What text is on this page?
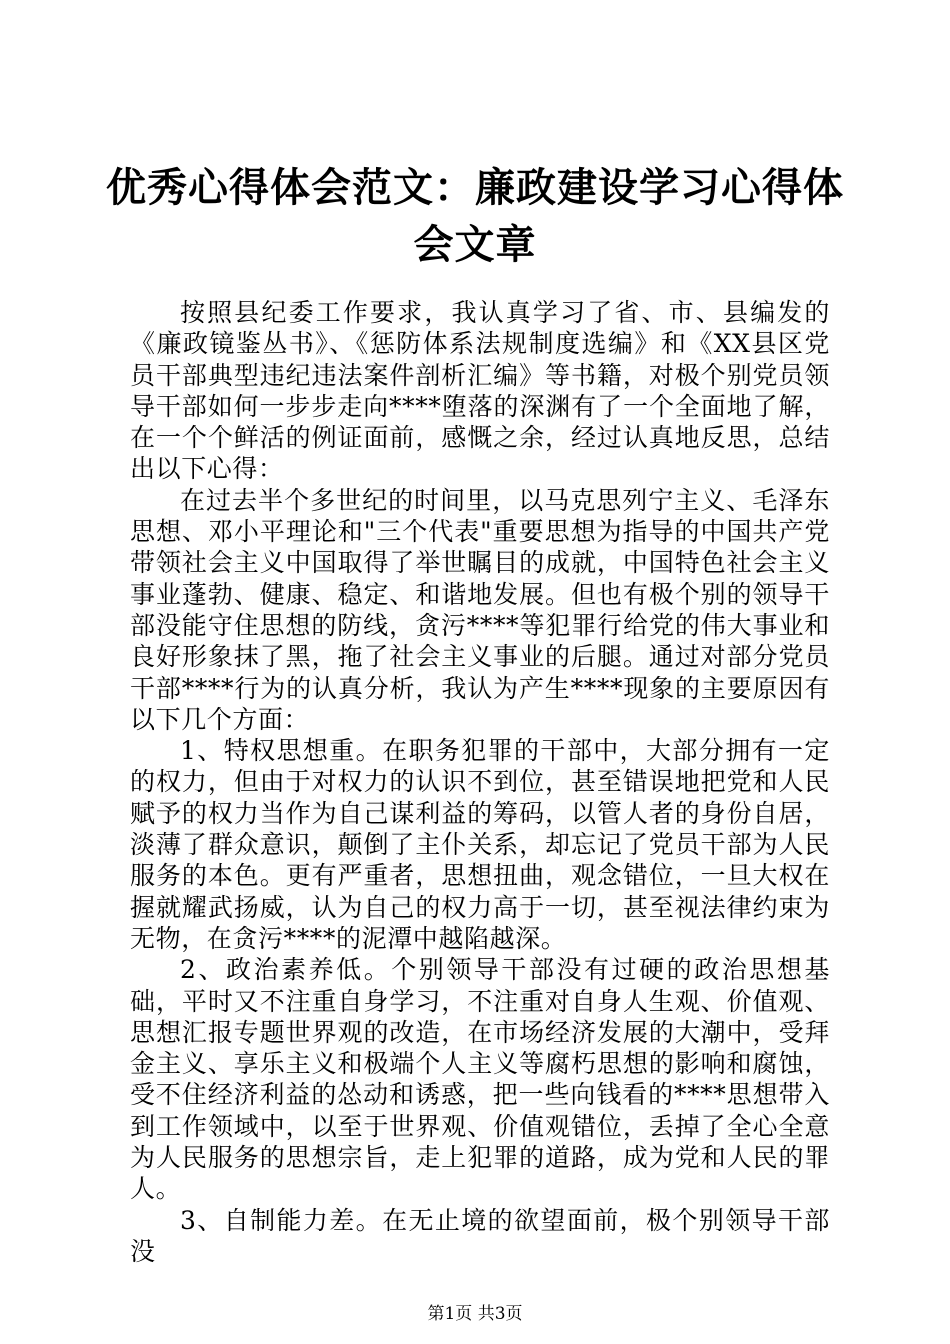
优秀心得体会范文：廉政建设学习心得体会文章

按照县纪委工作要求，我认真学习了省、市、县编发的《廉政镜鉴丛书》、《惩防体系法规制度选编》和《XX县区党员干部典型违纪违法案件剖析汇编》等书籍，对极个别党员领导干部如何一步步走向****堕落的深渊有了一个全面地了解，在一个个鲜活的例证面前，感慨之余，经过认真地反思，总结出以下心得：

在过去半个多世纪的时间里，以马克思列宁主义、毛泽东思想、邓小平理论和"三个代表"重要思想为指导的中国共产党带领社会主义中国取得了举世瞩目的成就，中国特色社会主义事业蓬勃、健康、稳定、和谐地发展。但也有极个别的领导干部没能守住思想的防线，贪污****等犯罪行给党的伟大事业和良好形象抹了黑，拖了社会主义事业的后腿。通过对部分党员干部****行为的认真分析，我认为产生****现象的主要原因有以下几个方面：

1、特权思想重。在职务犯罪的干部中，大部分拥有一定的权力，但由于对权力的认识不到位，甚至错误地把党和人民赋予的权力当作为自己谋利益的筹码，以管人者的身份自居，淡薄了群众意识，颠倒了主仆关系，却忘记了党员干部为人民服务的本色。更有严重者，思想扭曲，观念错位，一旦大权在握就耀武扬威，认为自己的权力高于一切，甚至视法律约束为无物，在贪污****的泥潭中越陷越深。

2、政治素养低。个别领导干部没有过硬的政治思想基础，平时又不注重自身学习，不注重对自身人生观、价值观、思想汇报专题世界观的改造，在市场经济发展的大潮中，受拜金主义、享乐主义和极端个人主义等腐朽思想的影响和腐蚀，受不住经济利益的怂动和诱惑，把一些向钱看的****思想带入到工作领域中，以至于世界观、价值观错位，丢掉了全心全意为人民服务的思想宗旨，走上犯罪的道路，成为党和人民的罪人。

3、自制能力差。在无止境的欲望面前，极个别领导干部没

第1页 共3页
